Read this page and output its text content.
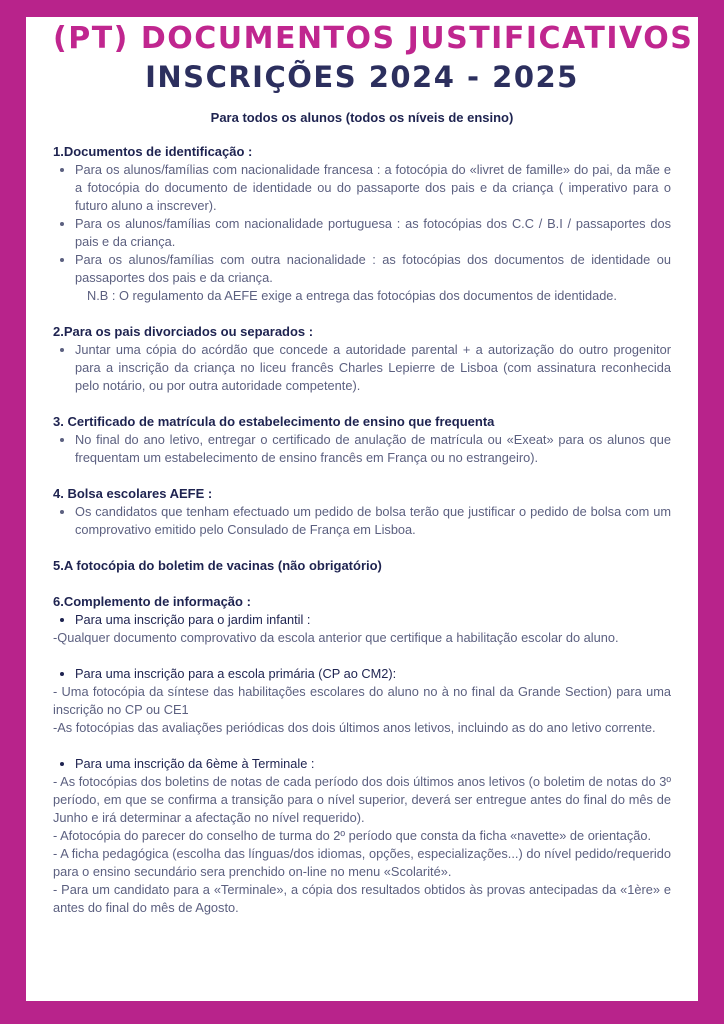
(PT) DOCUMENTOS JUSTIFICATIVOS
INSCRIÇÕES 2024 - 2025
Para todos os alunos (todos os níveis de ensino)
1.Documentos de identificação :
• Para os alunos/famílias com nacionalidade francesa : a fotocópia do «livret de famille» do pai, da mãe e a fotocópia do documento de identidade ou do passaporte dos pais e da criança ( imperativo para o futuro aluno a inscrever).
• Para os alunos/famílias com nacionalidade portuguesa : as fotocópias dos C.C / B.I / passaportes dos pais e da criança.
• Para os alunos/famílias com outra nacionalidade : as fotocópias dos documentos de identidade ou passaportes dos pais e da criança.
N.B : O regulamento da AEFE exige a entrega das fotocópias dos documentos de identidade.
2.Para os pais divorciados ou separados :
• Juntar uma cópia do acórdão que concede a autoridade parental + a autorização do outro progenitor para a inscrição da criança no liceu francês Charles Lepierre de Lisboa (com assinatura reconhecida pelo notário, ou por outra autoridade competente).
3. Certificado de matrícula do estabelecimento de ensino que frequenta
• No final do ano letivo, entregar o certificado de anulação de matrícula ou «Exeat» para os alunos que frequentam um estabelecimento de ensino francês em França ou no estrangeiro).
4. Bolsa escolares AEFE :
• Os candidatos que tenham efectuado um pedido de bolsa terão que justificar o pedido de bolsa com um comprovativo emitido pelo Consulado de França em Lisboa.
5.A fotocópia do boletim de vacinas (não obrigatório)
6.Complemento de informação :
• Para uma inscrição para o jardim infantil :

-Qualquer documento comprovativo da escola anterior que certifique a habilitação escolar do aluno.

• Para uma inscrição para a escola primária (CP ao CM2):

- Uma fotocópia da síntese das habilitações escolares do aluno no à no final da Grande Section) para uma inscrição no CP ou CE1

-As fotocópias das avaliações periódicas dos dois últimos anos letivos, incluindo as do ano letivo corrente.

• Para uma inscrição da 6ème à Terminale :

- As fotocópias dos boletins de notas de cada período dos dois últimos anos letivos (o boletim de notas do 3º período, em que se confirma a transição para o nível superior, deverá ser entregue antes do final do mês de Junho e irá determinar a afectação no nível requerido).

- Afotocópia do parecer do conselho de turma do 2º período que consta da ficha «navette» de orientação.

- A ficha pedagógica (escolha das línguas/dos idiomas, opções, especializações...) do nível pedido/requerido para o ensino secundário sera prenchido on-line no menu «Scolarité».

- Para um candidato para a «Terminale», a cópia dos resultados obtidos às provas antecipadas da «1ère» e antes do final do mês de Agosto.
